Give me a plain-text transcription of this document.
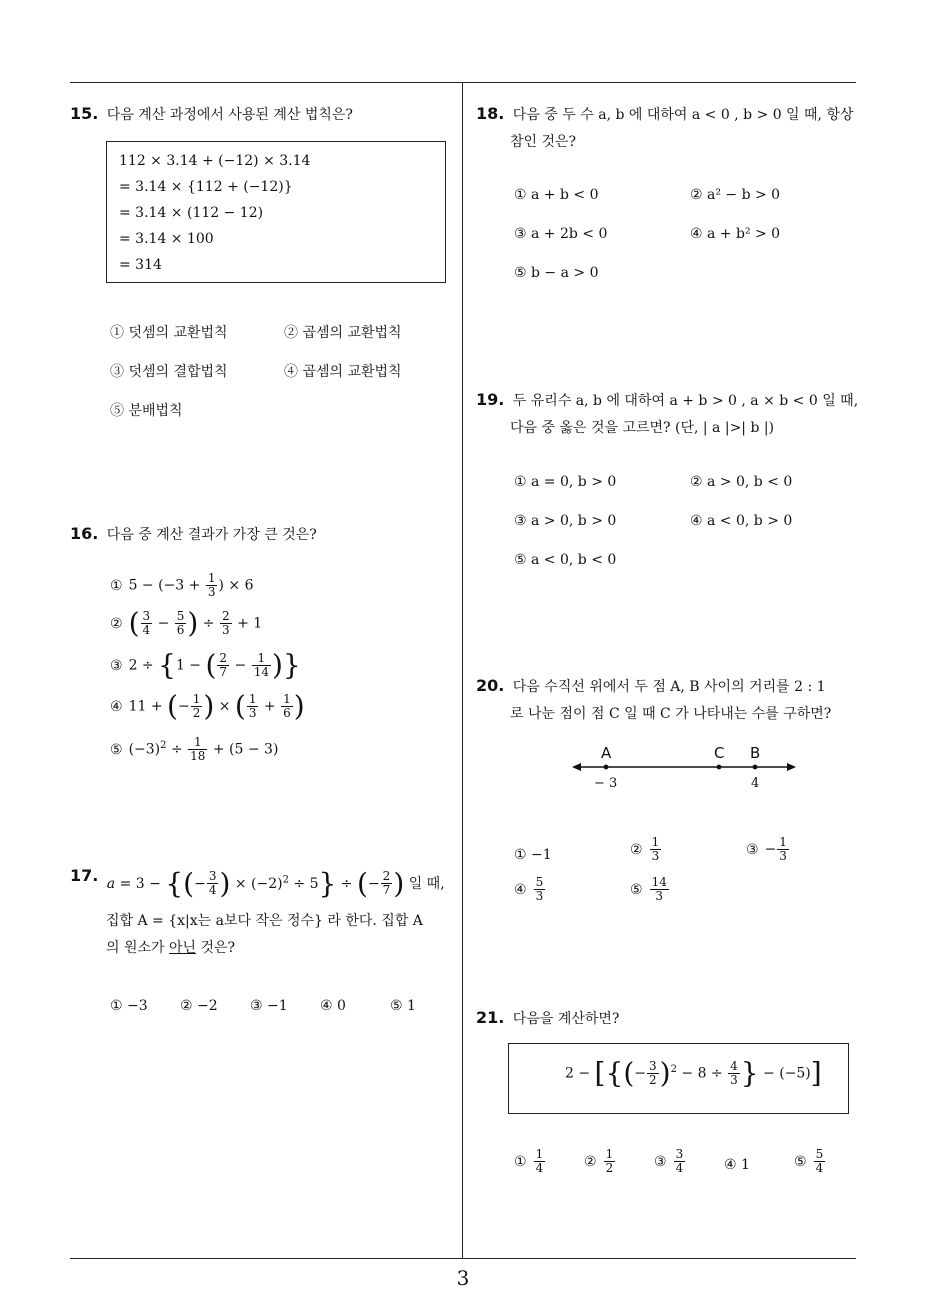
3
15. 다음 계산 과정에서 사용된 계산 법칙은?
112 × 3.14 + (−12) × 3.14
= 3.14 × {112 + (−12)}
= 3.14 × (112 − 12)
= 3.14 × 100
= 314
① 덧셈의 교환법칙	② 곱셈의 교환법칙
③ 덧셈의 결합법칙	④ 곱셈의 교환법칙
⑤ 분배법칙
16. 다음 중 계산 결과가 가장 큰 것은?
① $5 - (-3 + \frac{1}{3}$ ) × 6
② ( $\frac{3}{4} - \frac{5}{6}$ ) ÷ $\frac{2}{3} + 1$
③ 2 ÷ {1 − ( $\frac{2}{7} - \frac{1}{14}$ )}
④ 11 + (− $\frac{1}{2}$ ) × ( $\frac{1}{3} + \frac{1}{6}$ )
⑤ $(-3)^2 \div \frac{1}{18} + (5 - 3)$
17. a = 3 − {(− $\frac{3}{4}$ ) × $(-2)^2 \div 5$} ÷ (− $\frac{2}{7}$ ) 일 때,
집합 A = {x|x는 a보다 작은 정수} 라 한다. 집합 A
의 원소가 아닌 것은?
① −3 ② −2 ③ −1 ④ 0	⑤ 1
18. 다음 중 두 수 a, b 에 대하여 a < 0 , b > 0 일 때, 항상
참인 것은?
① a + b < 0	② a² − b > 0
③ a + 2b < 0	④ a + b² > 0
⑤ b − a > 0
19. 두 유리수 a, b 에 대하여 a + b > 0 , a × b < 0 일 때,
다음 중 옳은 것을 고르면? (단, | a |>| b |)
① a = 0, b > 0	② a > 0, b < 0
③ a > 0, b > 0	④ a < 0, b > 0
⑤ a < 0, b < 0
20. 다음 수직선 위에서 두 점 A, B 사이의 거리를 2 : 1
로 나눈 점이 점 C 일 때 C 가 나타내는 수를 구하면?
A	C B
− 3	4
① −1	② $\frac{1}{3}$	③ − $\frac{1}{3}$
④ $\frac{5}{3}$	⑤ $\frac{14}{3}$
21. 다음을 계산하면?
2 − [{(− $\frac{3}{2} )^2 - 8 \div \frac{4}{3}$ } − (−5)]
① $\frac{1}{4}$	② $\frac{1}{2}$	③ $\frac{3}{4}$	④ 1	⑤ $\frac{5}{4}$
